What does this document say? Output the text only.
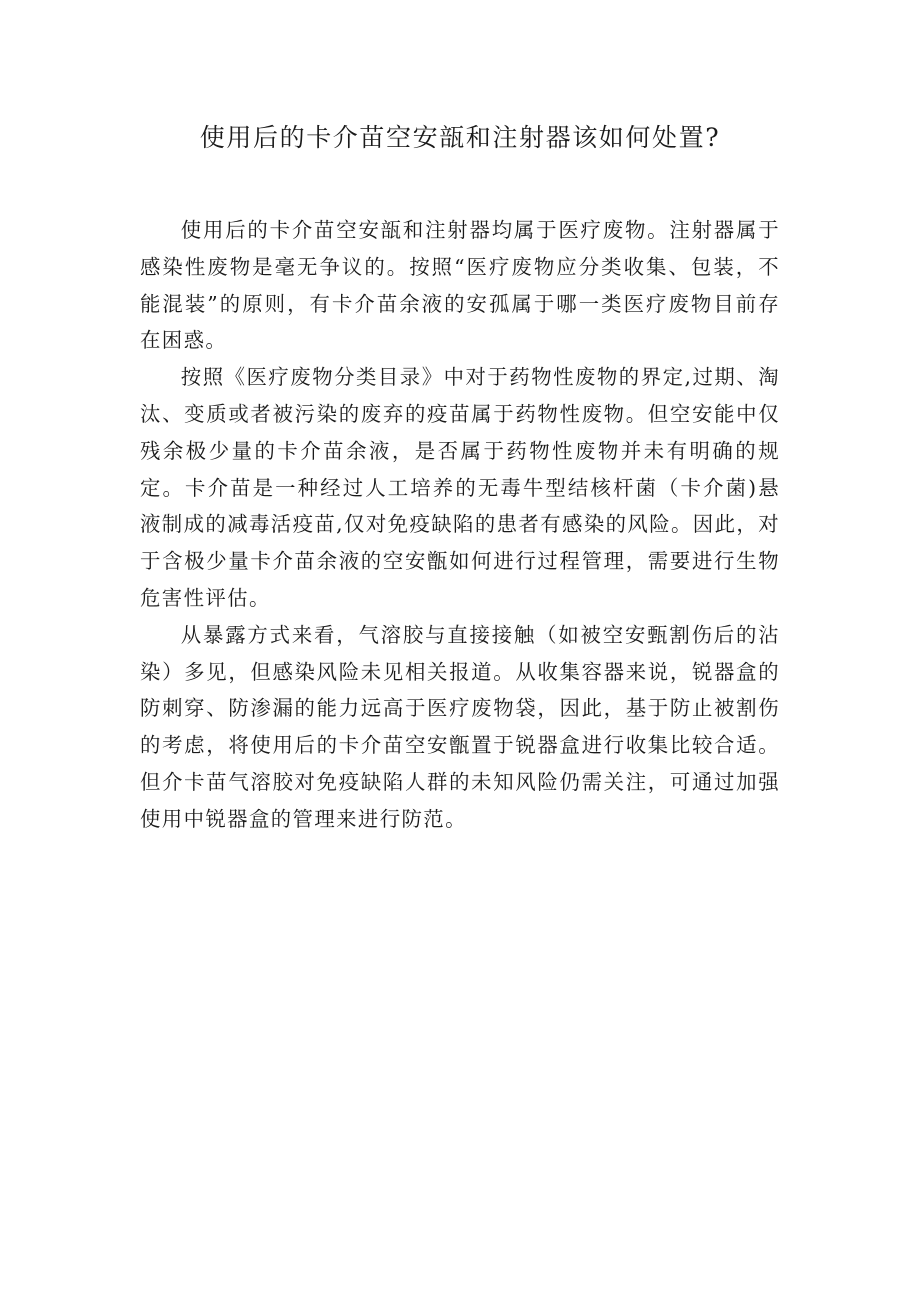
使用后的卡介苗空安瓿和注射器该如何处置?

使用后的卡介苗空安瓿和注射器均属于医疗废物。注射器属于感染性废物是毫无争议的。按照“医疗废物应分类收集、包装，不能混装”的原则，有卡介苗余液的安孤属于哪一类医疗废物目前存在困惑。

按照《医疗废物分类目录》中对于药物性废物的界定,过期、淘汰、变质或者被污染的废弃的疫苗属于药物性废物。但空安能中仅残余极少量的卡介苗余液，是否属于药物性废物并未有明确的规定。卡介苗是一种经过人工培养的无毒牛型结核杆菌（卡介菌)悬液制成的减毒活疫苗,仅对免疫缺陷的患者有感染的风险。因此，对于含极少量卡介苗余液的空安甑如何进行过程管理，需要进行生物危害性评估。

从暴露方式来看，气溶胶与直接接触（如被空安甄割伤后的沾染）多见，但感染风险未见相关报道。从收集容器来说，锐器盒的防刺穿、防渗漏的能力远高于医疗废物袋，因此，基于防止被割伤的考虑，将使用后的卡介苗空安甑置于锐器盒进行收集比较合适。但介卡苗气溶胶对免疫缺陷人群的未知风险仍需关注，可通过加强使用中锐器盒的管理来进行防范。
